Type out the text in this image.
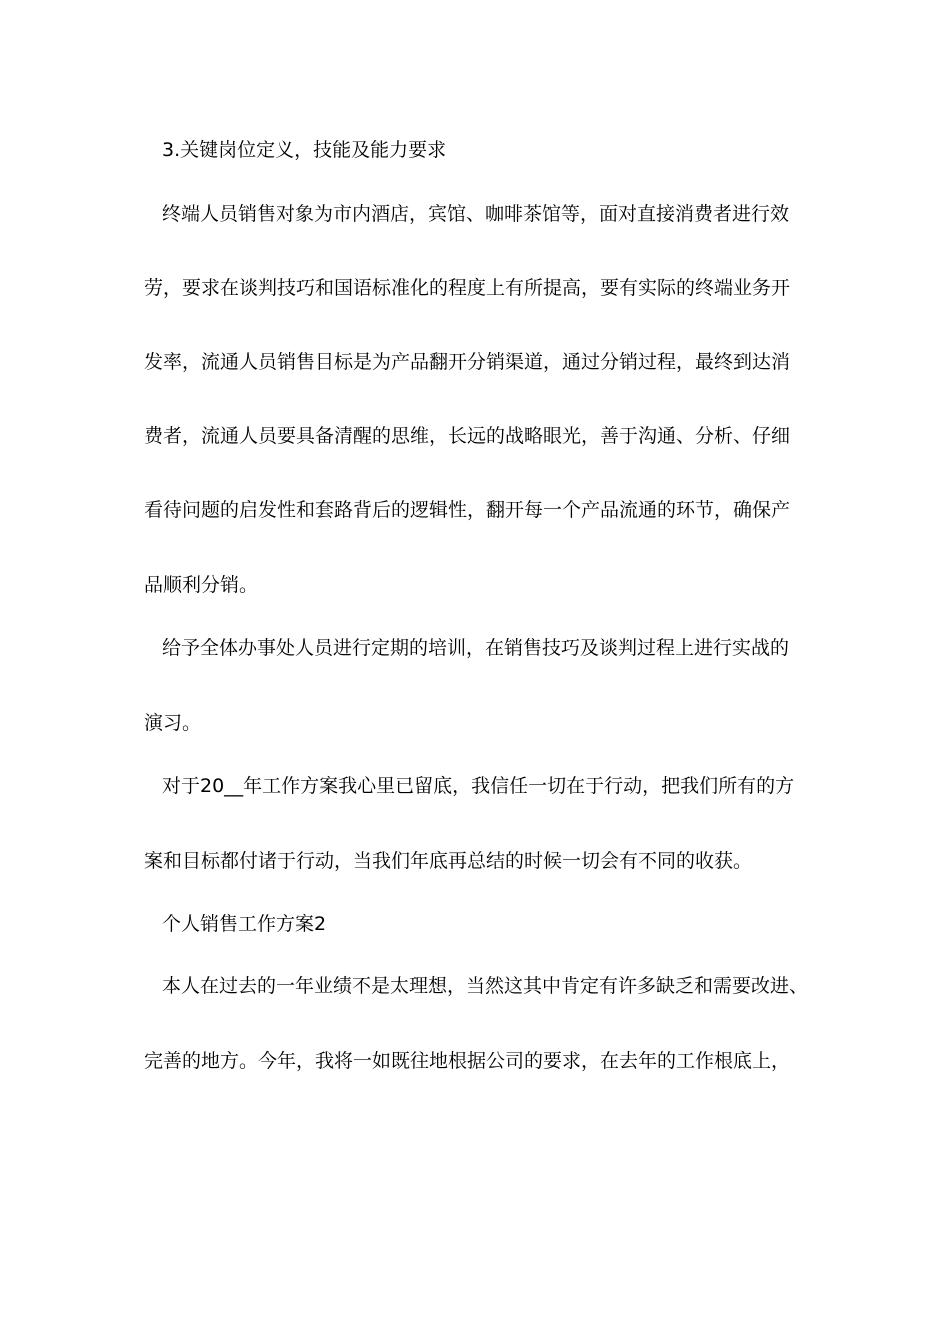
3.关键岗位定义，技能及能力要求
终端人员销售对象为市内酒店，宾馆、咖啡茶馆等，面对直接消费者进行效
劳，要求在谈判技巧和国语标准化的程度上有所提高，要有实际的终端业务开
发率，流通人员销售目标是为产品翻开分销渠道，通过分销过程，最终到达消
费者，流通人员要具备清醒的思维，长远的战略眼光，善于沟通、分析、仔细
看待问题的启发性和套路背后的逻辑性，翻开每一个产品流通的环节，确保产
品顺利分销。
给予全体办事处人员进行定期的培训，在销售技巧及谈判过程上进行实战的
演习。
对于20__年工作方案我心里已留底，我信任一切在于行动，把我们所有的方
案和目标都付诸于行动，当我们年底再总结的时候一切会有不同的收获。
个人销售工作方案2
本人在过去的一年业绩不是太理想，当然这其中肯定有许多缺乏和需要改进、
完善的地方。今年，我将一如既往地根据公司的要求，在去年的工作根底上，
